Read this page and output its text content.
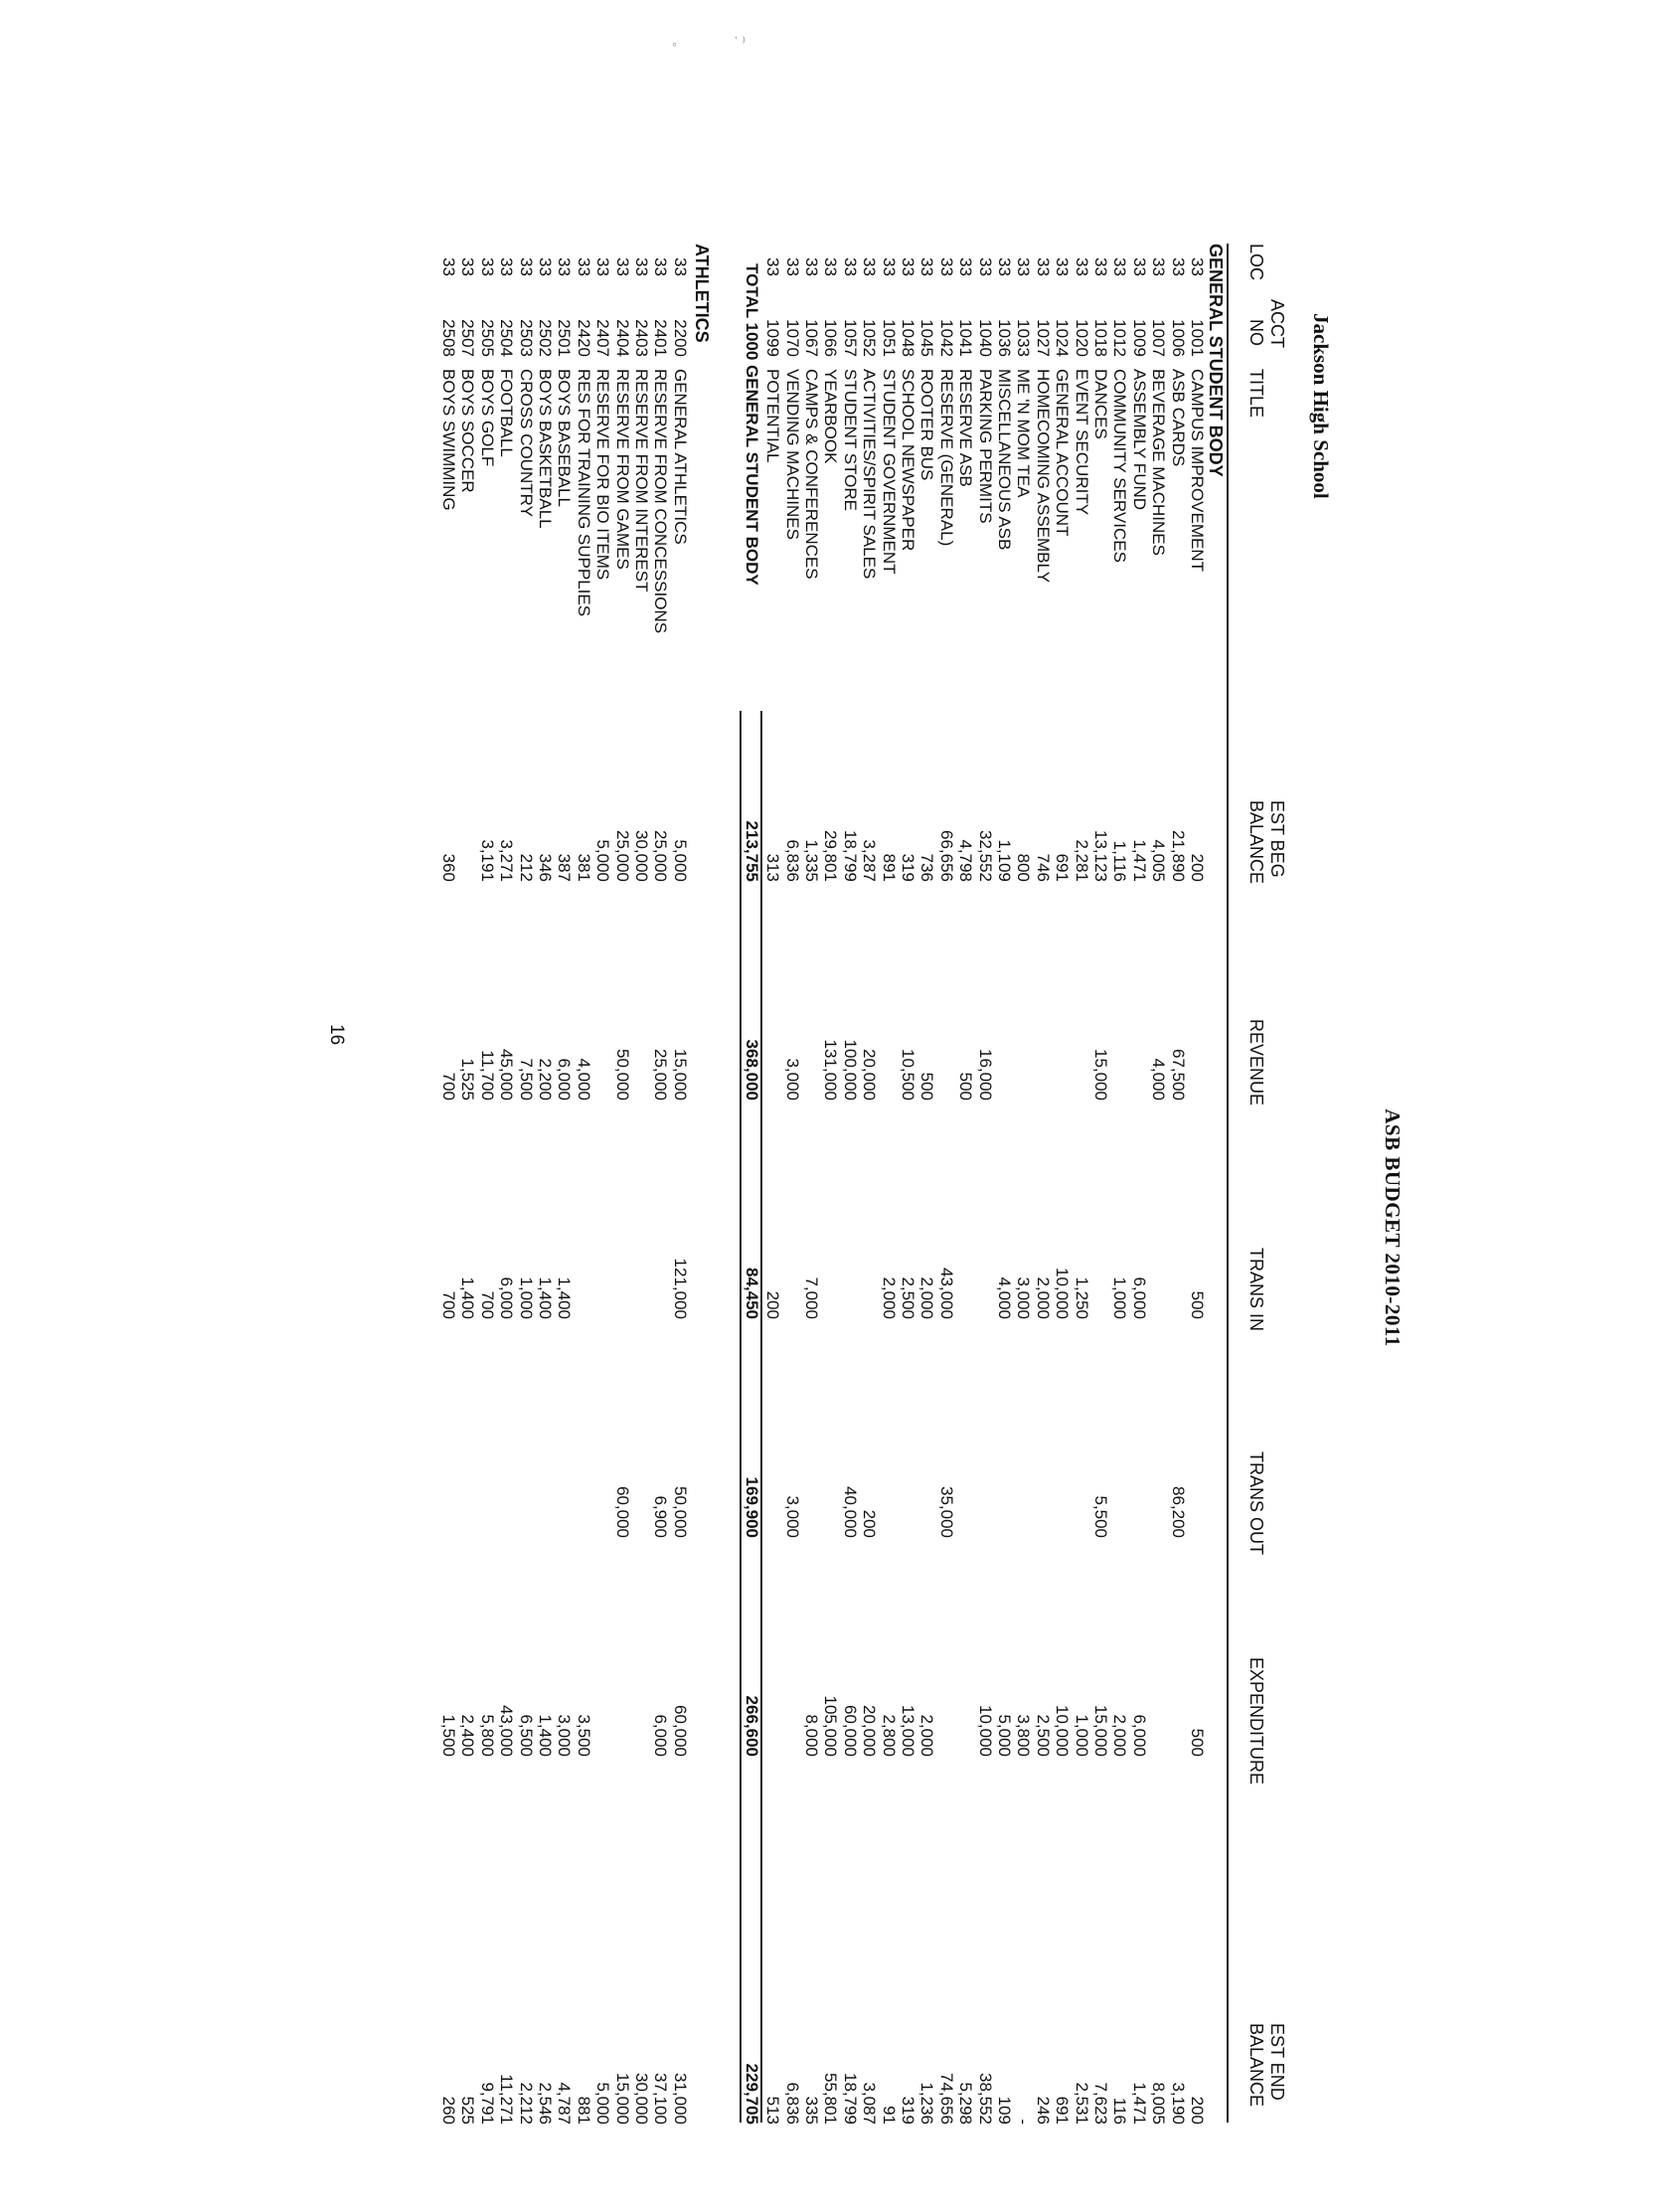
◦	ˈ ⁾
ASB BUDGET 2010-2011
Jackson High School
LOC
ACCT
NO
TITLE
EST BEG
BALANCE
REVENUE
TRANS IN
TRANS OUT
EXPENDITURE
EST END
BALANCE
GENERAL STUDENT BODY
33
1001
CAMPUS IMPROVEMENT
200
500
500
200
33
1006
ASB CARDS
21,890
67,500
86,200
3,190
33
1007
BEVERAGE MACHINES
4,005
4,000
8,005
33
1009
ASSEMBLY FUND
1,471
6,000
6,000
1,471
33
1012
COMMUNITY SERVICES
1,116
1,000
2,000
116
33
1018
DANCES
13,123
15,000
5,500
15,000
7,623
33
1020
EVENT SECURITY
2,281
1,250
1,000
2,531
33
1024
GENERAL ACCOUNT
691
10,000
10,000
691
33
1027
HOMECOMING ASSEMBLY
746
2,000
2,500
246
33
1033
ME 'N MOM TEA
800
3,000
3,800
-
33
1036
MISCELLANEOUS ASB
1,109
4,000
5,000
109
33
1040
PARKING PERMITS
32,552
16,000
10,000
38,552
33
1041
RESERVE ASB
4,798
500
5,298
33
1042
RESERVE (GENERAL)
66,656
43,000
35,000
74,656
33
1045
ROOTER BUS
736
500
2,000
2,000
1,236
33
1048
SCHOOL NEWSPAPER
319
10,500
2,500
13,000
319
33
1051
STUDENT GOVERNMENT
891
2,000
2,800
91
33
1052
ACTIVITIES/SPIRIT SALES
3,287
20,000
200
20,000
3,087
33
1057
STUDENT STORE
18,799
100,000
40,000
60,000
18,799
33
1066
YEARBOOK
29,801
131,000
105,000
55,801
33
1067
CAMPS & CONFERENCES
1,335
7,000
8,000
335
33
1070
VENDING MACHINES
6,836
3,000
3,000
6,836
33
1099
POTENTIAL
313
200
513
TOTAL 1000 GENERAL STUDENT BODY
213,755
368,000
84,450
169,900
266,600
229,705
ATHLETICS
33
2200
GENERAL ATHLETICS
5,000
15,000
121,000
50,000
60,000
31,000
33
2401
RESERVE FROM CONCESSIONS
25,000
25,000
6,900
6,000
37,100
33
2403
RESERVE FROM INTEREST
30,000
30,000
33
2404
RESERVE FROM GAMES
25,000
50,000
60,000
15,000
33
2407
RESERVE FOR BIO ITEMS
5,000
5,000
33
2420
RES FOR TRAINING SUPPLIES
381
4,000
3,500
881
33
2501
BOYS BASEBALL
387
6,000
1,400
3,000
4,787
33
2502
BOYS BASKETBALL
346
2,200
1,400
1,400
2,546
33
2503
CROSS COUNTRY
212
7,500
1,000
6,500
2,212
33
2504
FOOTBALL
3,271
45,000
6,000
43,000
11,271
33
2505
BOYS GOLF
3,191
11,700
700
5,800
9,791
33
2507
BOYS SOCCER
1,525
1,400
2,400
525
33
2508
BOYS SWIMMING
360
700
700
1,500
260
16
